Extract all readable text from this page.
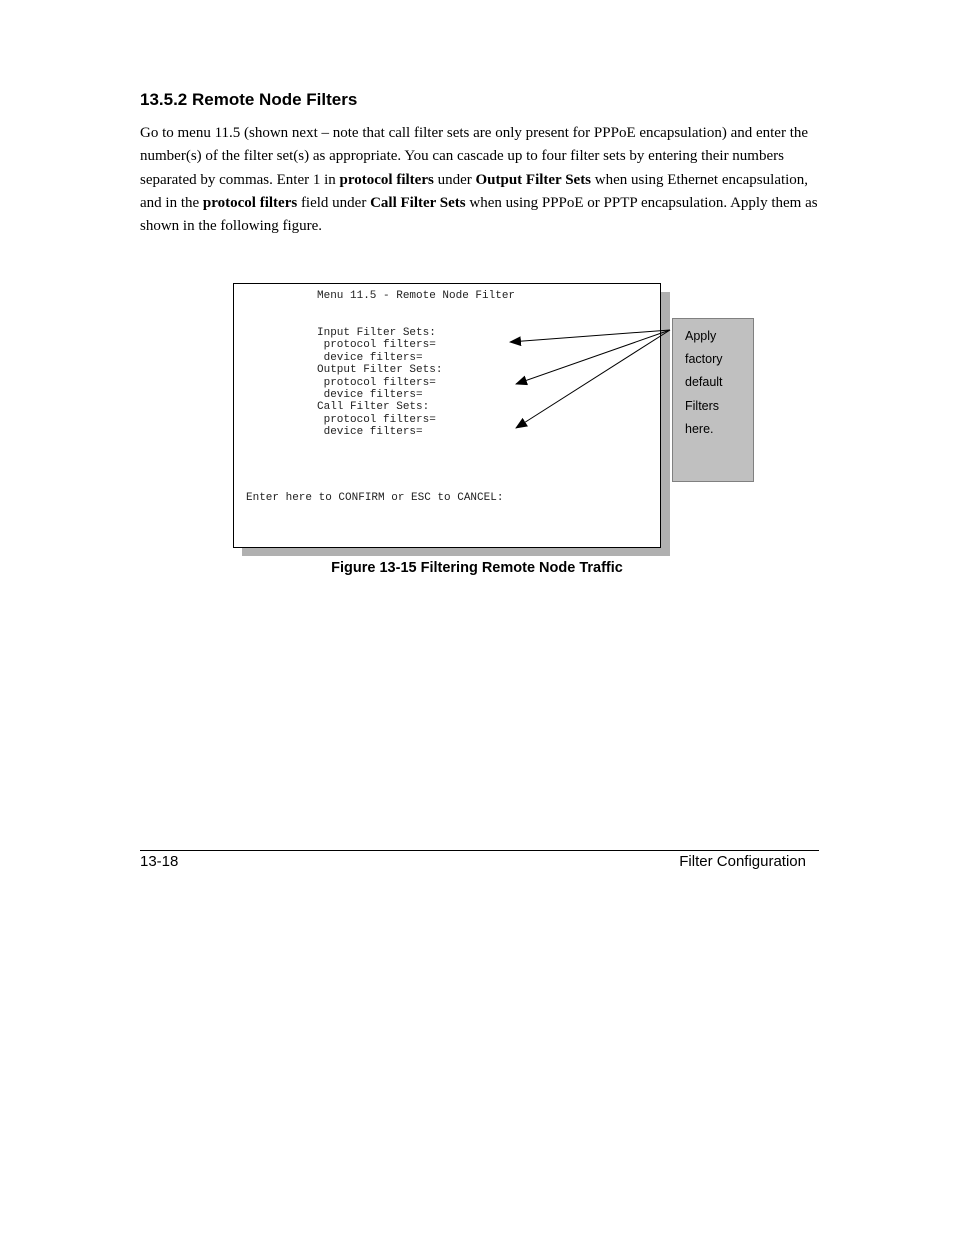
13.5.2 Remote Node Filters

Go to menu 11.5 (shown next – note that call filter sets are only present for PPPoE encapsulation) and enter the number(s) of the filter set(s) as appropriate. You can cascade up to four filter sets by entering their numbers separated by commas. Enter 1 in protocol filters under Output Filter Sets when using Ethernet encapsulation, and in the protocol filters field under Call Filter Sets when using PPPoE or PPTP encapsulation. Apply them as shown in the following figure.

Menu 11.5 - Remote Node Filter
Input Filter Sets:
protocol filters=
device filters=
Output Filter Sets:
protocol filters=
device filters=
Call Filter Sets:
protocol filters=
device filters=
Enter here to CONFIRM or ESC to CANCEL:
Apply
factory
default
Filters
here.
Figure 13-15 Filtering Remote Node Traffic
13-18	Filter Configuration
